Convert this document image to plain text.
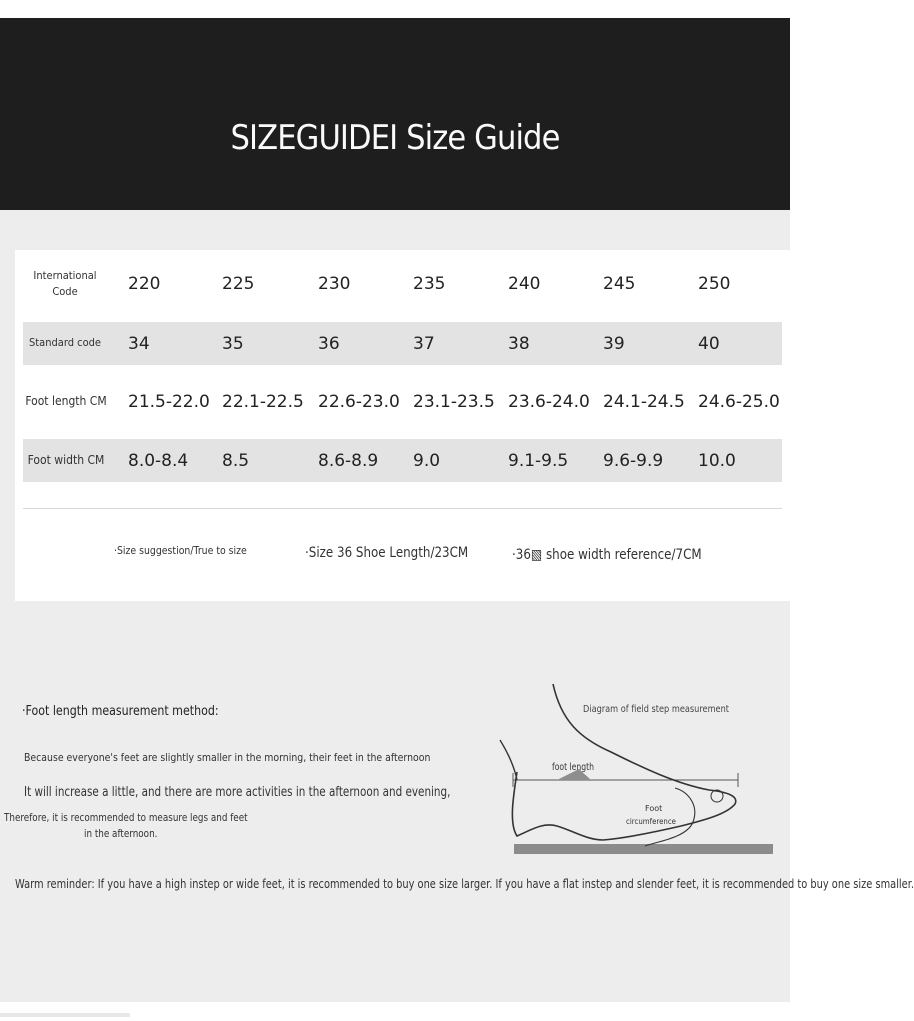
SIZEGUIDEI Size Guide
International Code	220	225	230	235	240	245	250
Standard code	34	35	36	37	38	39	40
Foot length CM 21.5-22.0 22.1-22.5 22.6-23.0 23.1-23.5 23.6-24.0 24.1-24.5 24.6-25.0
Foot width CM 8.0-8.4 8.5	8.6-8.9 9.0	9.1-9.5 9.6-9.9 10.0
·Size suggestion/True to size	·Size 36 Shoe Length/23CM	·36▧ shoe width reference/7CM
·Foot length measurement method:
Because everyone's feet are slightly smaller in the morning, their feet in the afternoon
It will increase a little, and there are more activities in the afternoon and evening,
Therefore, it is recommended to measure legs and feet
in the afternoon.
Diagram of field step measurement
foot length
Foot
circumference
Warm reminder: If you have a high instep or wide feet, it is recommended to buy one size larger. If you have a flat instep and slender feet, it is recommended to buy one size smaller.
